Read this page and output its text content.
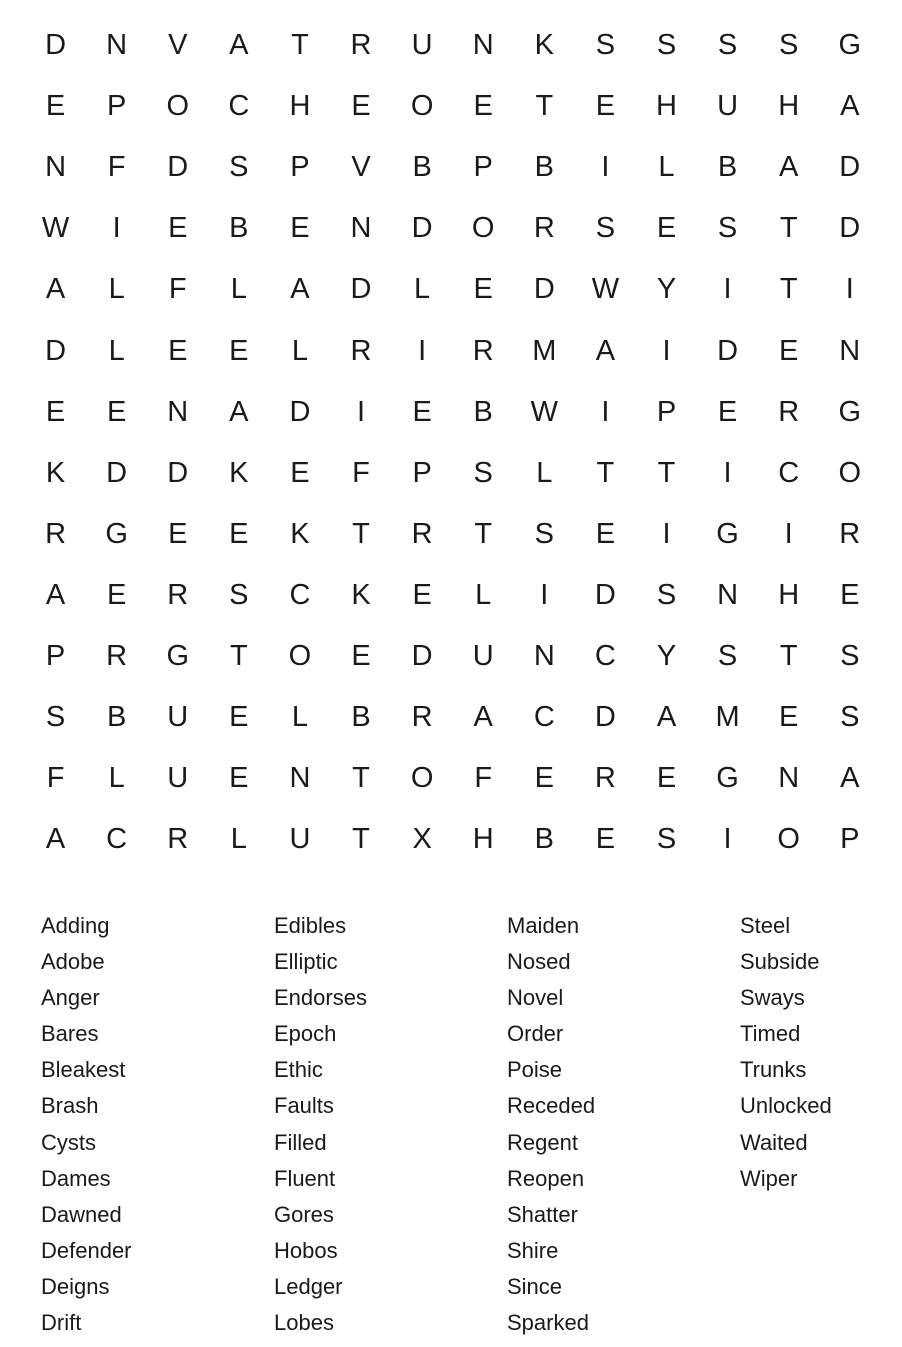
D	N	V	A	T	R	U	N	K	S	S	S	S	G
E	P	O	C	H	E	O	E	T	E	H	U	H	A
N	F	D	S	P	V	B	P	B	I	L	B	A	D
W	I	E	B	E	N	D	O	R	S	E	S	T	D
A	L	F	L	A	D	L	E	D	W	Y	I	T	I
D	L	E	E	L	R	I	R	M	A	I	D	E	N
E	E	N	A	D	I	E	B	W	I	P	E	R	G
K	D	D	K	E	F	P	S	L	T	T	I	C	O
R	G	E	E	K	T	R	T	S	E	I	G	I	R
A	E	R	S	C	K	E	L	I	D	S	N	H	E
P	R	G	T	O	E	D	U	N	C	Y	S	T	S
S	B	U	E	L	B	R	A	C	D	A	M	E	S
F	L	U	E	N	T	O	F	E	R	E	G	N	A
A	C	R	L	U	T	X	H	B	E	S	I	O	P
Adding
Adobe
Anger
Bares
Bleakest
Brash
Cysts
Dames
Dawned
Defender
Deigns
Drift
Edibles
Elliptic
Endorses
Epoch
Ethic
Faults
Filled
Fluent
Gores
Hobos
Ledger
Lobes
Maiden
Nosed
Novel
Order
Poise
Receded
Regent
Reopen
Shatter
Shire
Since
Sparked
Steel
Subside
Sways
Timed
Trunks
Unlocked
Waited
Wiper
